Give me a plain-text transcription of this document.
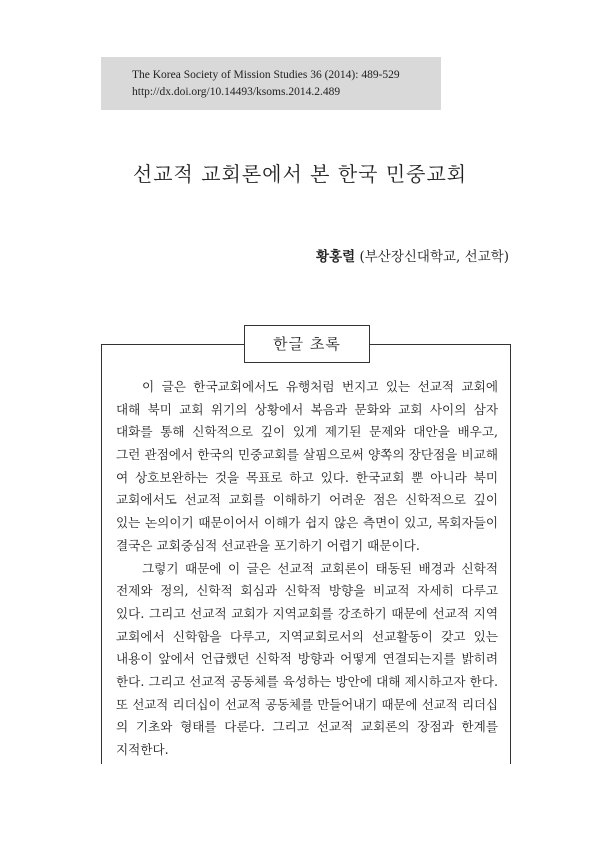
The Korea Society of Mission Studies 36 (2014): 489-529
http://dx.doi.org/10.14493/ksoms.2014.2.489
선교적 교회론에서 본 한국 민중교회
황홍렬 (부산장신대학교, 선교학)
한글 초록
이 글은 한국교회에서도 유행처럼 번지고 있는 선교적 교회에
대해 북미 교회 위기의 상황에서 복음과 문화와 교회 사이의 삼자
대화를 통해 신학적으로 깊이 있게 제기된 문제와 대안을 배우고,
그런 관점에서 한국의 민중교회를 살핌으로써 양쪽의 장단점을 비교해
여 상호보완하는 것을 목표로 하고 있다. 한국교회 뿐 아니라 북미
교회에서도 선교적 교회를 이해하기 어려운 점은 신학적으로 깊이
있는 논의이기 때문이어서 이해가 쉽지 않은 측면이 있고, 목회자들이
결국은 교회중심적 선교관을 포기하기 어렵기 때문이다.
그렇기 때문에 이 글은 선교적 교회론이 태동된 배경과 신학적
전제와 정의, 신학적 회심과 신학적 방향을 비교적 자세히 다루고
있다. 그리고 선교적 교회가 지역교회를 강조하기 때문에 선교적 지역
교회에서 신학함을 다루고, 지역교회로서의 선교활동이 갖고 있는
내용이 앞에서 언급했던 신학적 방향과 어떻게 연결되는지를 밝히려
한다. 그리고 선교적 공동체를 육성하는 방안에 대해 제시하고자 한다.
또 선교적 리더십이 선교적 공동체를 만들어내기 때문에 선교적 리더십
의 기초와 형태를 다룬다. 그리고 선교적 교회론의 장점과 한계를
지적한다.
